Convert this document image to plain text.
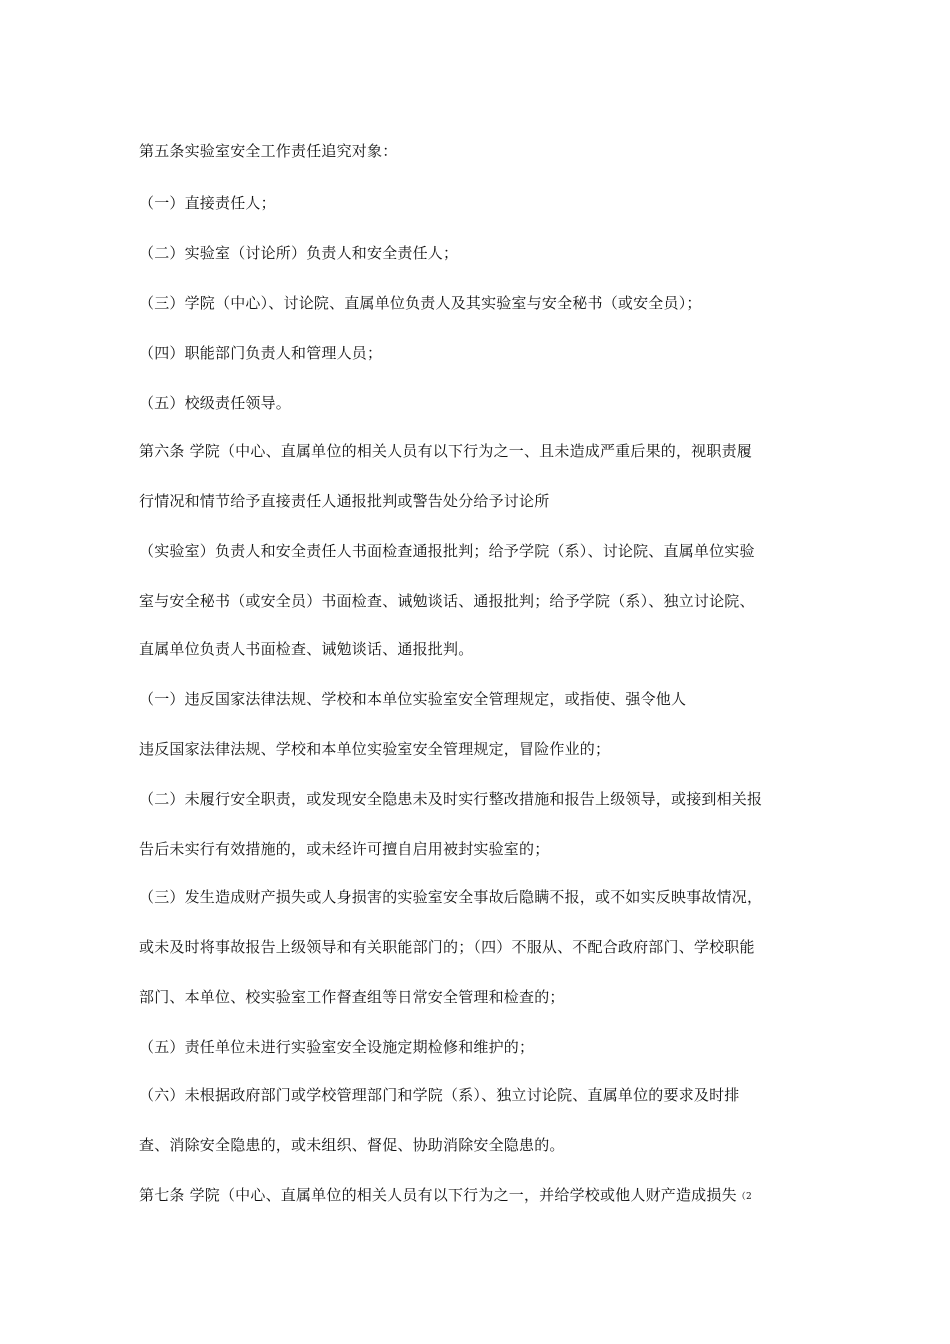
第五条实验室安全工作责任追究对象：
（一）直接责任人；
（二）实验室（讨论所）负责人和安全责任人；
（三）学院（中心）、讨论院、直属单位负责人及其实验室与安全秘书（或安全员）；
（四）职能部门负责人和管理人员；
（五）校级责任领导。
第六条 学院（中心、直属单位的相关人员有以下行为之一、且未造成严重后果的，视职责履
行情况和情节给予直接责任人通报批判或警告处分给予讨论所
（实验室）负责人和安全责任人书面检查通报批判；给予学院（系）、讨论院、直属单位实验
室与安全秘书（或安全员）书面检查、诫勉谈话、通报批判；给予学院（系）、独立讨论院、
直属单位负责人书面检查、诫勉谈话、通报批判。
（一）违反国家法律法规、学校和本单位实验室安全管理规定，或指使、强令他人
违反国家法律法规、学校和本单位实验室安全管理规定，冒险作业的；
（二）未履行安全职责，或发现安全隐患未及时实行整改措施和报告上级领导，或接到相关报
告后未实行有效措施的，或未经许可擅自启用被封实验室的；
（三）发生造成财产损失或人身损害的实验室安全事故后隐瞒不报，或不如实反映事故情况，
或未及时将事故报告上级领导和有关职能部门的；（四）不服从、不配合政府部门、学校职能
部门、本单位、校实验室工作督查组等日常安全管理和检查的；
（五）责任单位未进行实验室安全设施定期检修和维护的；
（六）未根据政府部门或学校管理部门和学院（系）、独立讨论院、直属单位的要求及时排
查、消除安全隐患的，或未组织、督促、协助消除安全隐患的。
第七条 学院（中心、直属单位的相关人员有以下行为之一，并给学校或他人财产造成损失（2
